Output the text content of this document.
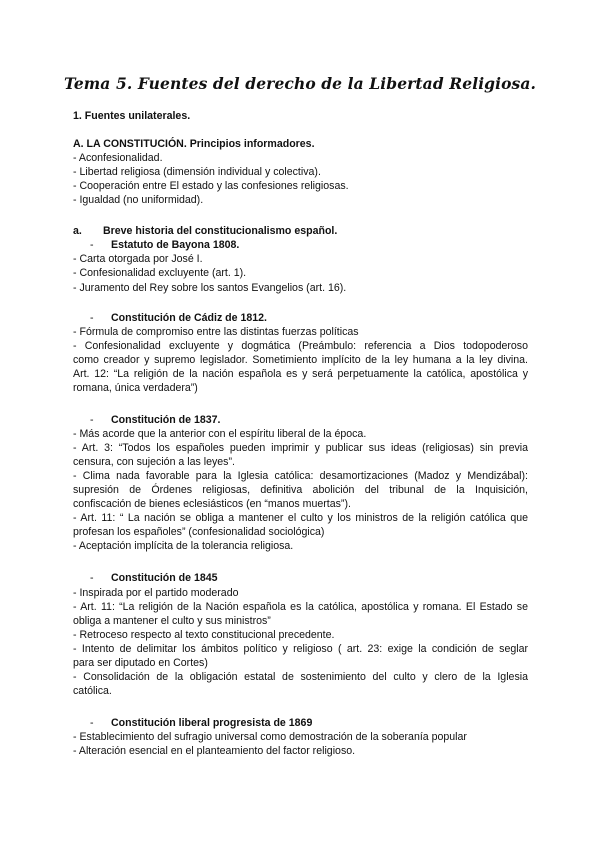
Tema 5. Fuentes del derecho de la Libertad Religiosa.
1. Fuentes unilaterales.
A. LA CONSTITUCIÓN. Principios informadores.
- Aconfesionalidad.
- Libertad religiosa (dimensión individual y colectiva).
- Cooperación entre El estado y las confesiones religiosas.
- Igualdad (no uniformidad).
a. Breve historia del constitucionalismo español.
- Estatuto de Bayona 1808.
- Carta otorgada por José I.
- Confesionalidad excluyente (art. 1).
- Juramento del Rey sobre los santos Evangelios (art. 16).
- Constitución de Cádiz de 1812.
- Fórmula de compromiso entre las distintas fuerzas políticas
- Confesionalidad excluyente y dogmática (Preámbulo: referencia a Dios todopoderoso
como creador y supremo legislador. Sometimiento implícito de la ley humana a la ley divina.
Art. 12: “La religión de la nación española es y será perpetuamente la católica, apostólica y
romana, única verdadera”)
- Constitución de 1837.
- Más acorde que la anterior con el espíritu liberal de la época.
- Art. 3: “Todos los españoles pueden imprimir y publicar sus ideas (religiosas) sin previa
censura, con sujeción a las leyes”.
- Clima nada favorable para la Iglesia católica: desamortizaciones (Madoz y Mendizábal):
supresión de Órdenes religiosas, definitiva abolición del tribunal de la Inquisición,
confiscación de bienes eclesiásticos (en “manos muertas”).
- Art. 11: “ La nación se obliga a mantener el culto y los ministros de la religión católica que
profesan los españoles” (confesionalidad sociológica)
- Aceptación implícita de la tolerancia religiosa.
- Constitución de 1845
- Inspirada por el partido moderado
- Art. 11: “La religión de la Nación española es la católica, apostólica y romana. El Estado se
obliga a mantener el culto y sus ministros”
- Retroceso respecto al texto constitucional precedente.
- Intento de delimitar los ámbitos político y religioso ( art. 23: exige la condición de seglar
para ser diputado en Cortes)
- Consolidación de la obligación estatal de sostenimiento del culto y clero de la Iglesia
católica.
- Constitución liberal progresista de 1869
- Establecimiento del sufragio universal como demostración de la soberanía popular
- Alteración esencial en el planteamiento del factor religioso.
